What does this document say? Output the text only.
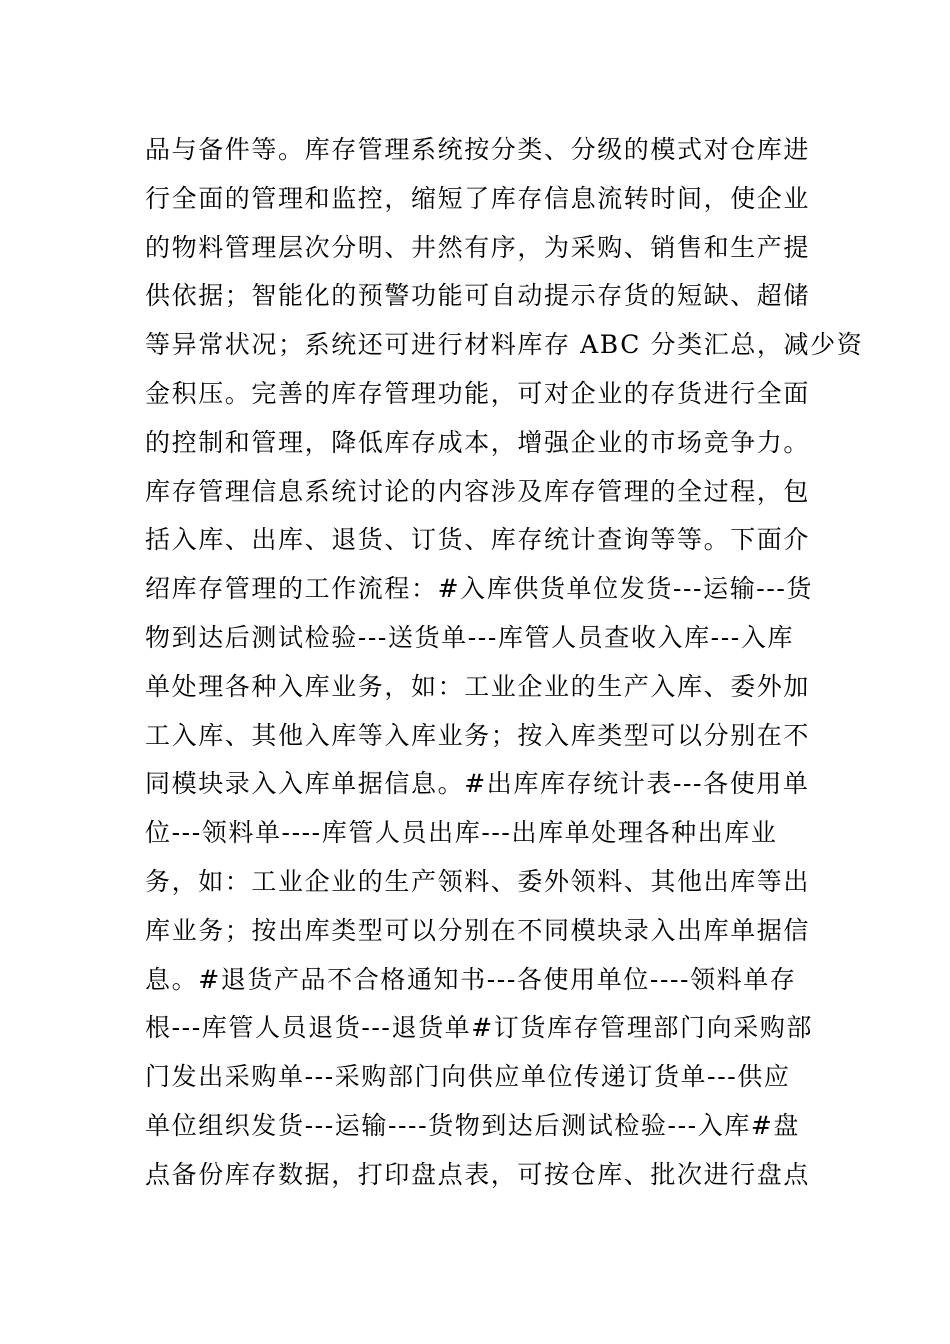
品与备件等。库存管理系统按分类、分级的模式对仓库进
行全面的管理和监控，缩短了库存信息流转时间，使企业
的物料管理层次分明、井然有序，为采购、销售和生产提
供依据；智能化的预警功能可自动提示存货的短缺、超储
等异常状况；系统还可进行材料库存 ABC 分类汇总，减少资
金积压。完善的库存管理功能，可对企业的存货进行全面
的控制和管理，降低库存成本，增强企业的市场竞争力。
库存管理信息系统讨论的内容涉及库存管理的全过程，包
括入库、出库、退货、订货、库存统计查询等等。下面介
绍库存管理的工作流程：#入库供货单位发货---运输---货
物到达后测试检验---送货单---库管人员查收入库---入库
单处理各种入库业务，如：工业企业的生产入库、委外加
工入库、其他入库等入库业务；按入库类型可以分别在不
同模块录入入库单据信息。#出库库存统计表---各使用单
位---领料单----库管人员出库---出库单处理各种出库业
务，如：工业企业的生产领料、委外领料、其他出库等出
库业务；按出库类型可以分别在不同模块录入出库单据信
息。#退货产品不合格通知书---各使用单位----领料单存
根---库管人员退货---退货单#订货库存管理部门向采购部
门发出采购单---采购部门向供应单位传递订货单---供应
单位组织发货---运输----货物到达后测试检验---入库#盘
点备份库存数据，打印盘点表，可按仓库、批次进行盘点
